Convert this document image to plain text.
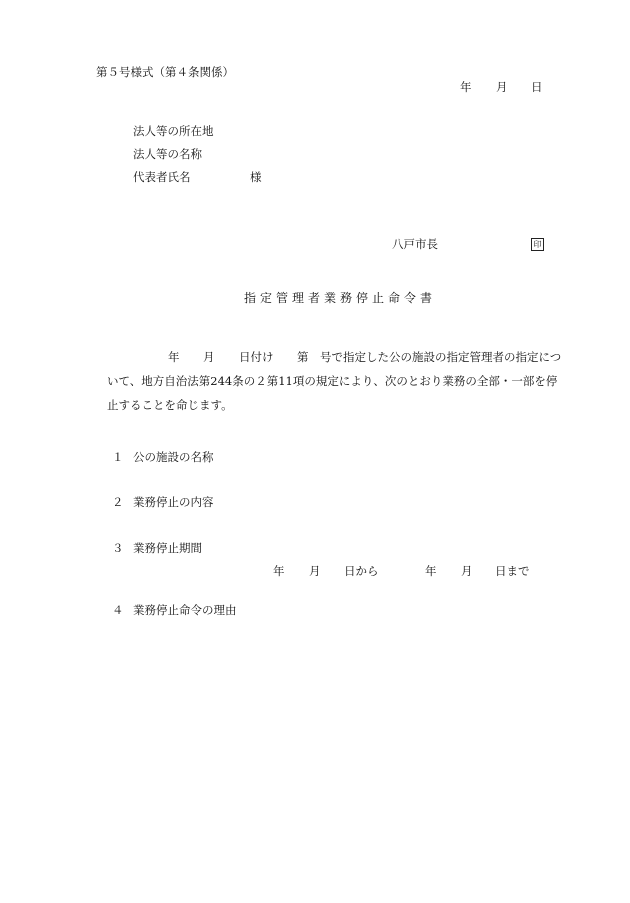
第５号様式（第４条関係）
年 月 日
法人等の所在地
法人等の名称
代表者氏名	様
八戸市長	印
指定管理者業務停止命令書
年 月 日付け 第 号で指定した公の施設の指定管理者の指定につ
いて、地方自治法第244条の２第11項の規定により、次のとおり業務の全部・一部を停
止することを命じます。
１ 公の施設の名称
２ 業務停止の内容
３ 業務停止期間
年 月 日から	年 月 日まで
４ 業務停止命令の理由
